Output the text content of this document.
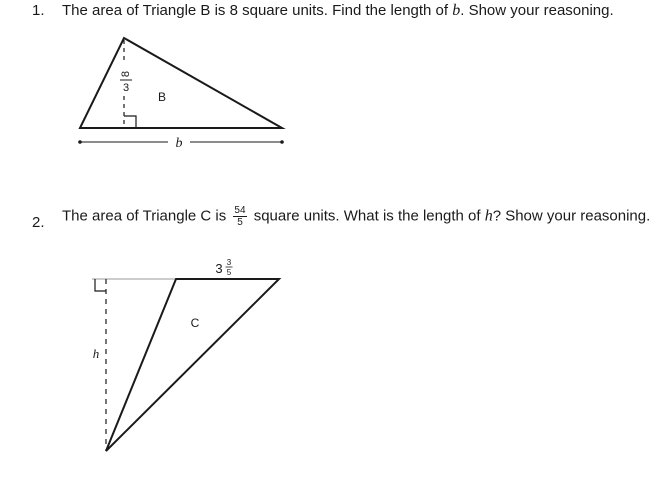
1. The area of Triangle B is 8 square units. Find the length of b. Show your reasoning.
2. The area of Triangle C is $\frac{54}{5}$ square units. What is the length of h? Show your reasoning.
8
3
B
b
h
C
3 3
5
